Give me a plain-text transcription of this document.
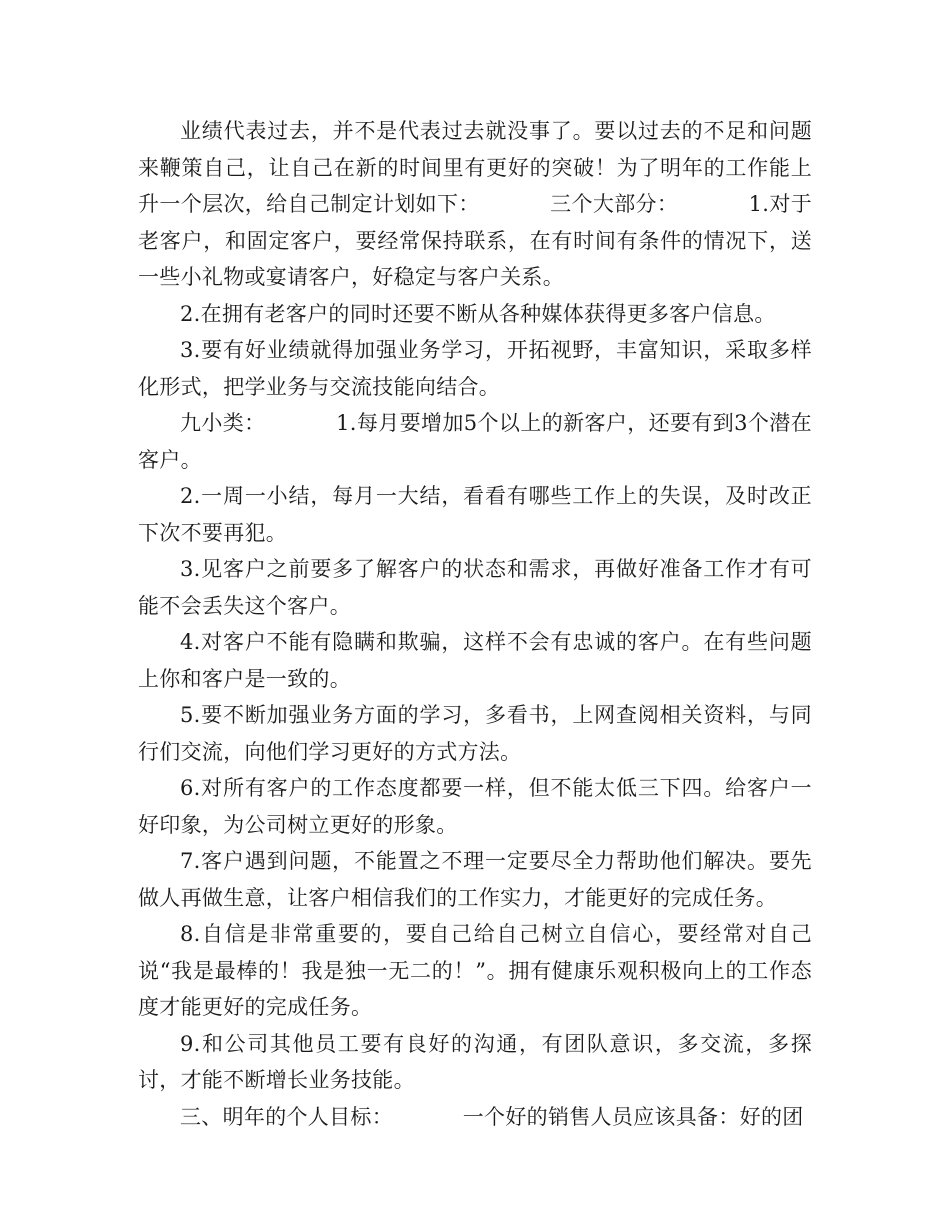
业绩代表过去，并不是代表过去就没事了。要以过去的不足和问题来鞭策自己，让自己在新的时间里有更好的突破！为了明年的工作能上升一个层次，给自己制定计划如下：          三个大部分：          1.对于老客户，和固定客户，要经常保持联系，在有时间有条件的情况下，送一些小礼物或宴请客户，好稳定与客户关系。

2.在拥有老客户的同时还要不断从各种媒体获得更多客户信息。

3.要有好业绩就得加强业务学习，开拓视野，丰富知识，采取多样化形式，把学业务与交流技能向结合。

九小类：          1.每月要增加5个以上的新客户，还要有到3个潜在客户。

2.一周一小结，每月一大结，看看有哪些工作上的失误，及时改正下次不要再犯。

3.见客户之前要多了解客户的状态和需求，再做好准备工作才有可能不会丢失这个客户。

4.对客户不能有隐瞒和欺骗，这样不会有忠诚的客户。在有些问题上你和客户是一致的。

5.要不断加强业务方面的学习，多看书，上网查阅相关资料，与同行们交流，向他们学习更好的方式方法。

6.对所有客户的工作态度都要一样，但不能太低三下四。给客户一好印象，为公司树立更好的形象。

7.客户遇到问题，不能置之不理一定要尽全力帮助他们解决。要先做人再做生意，让客户相信我们的工作实力，才能更好的完成任务。

8.自信是非常重要的，要自己给自己树立自信心，要经常对自己说“我是最棒的！我是独一无二的！”。拥有健康乐观积极向上的工作态度才能更好的完成任务。

9.和公司其他员工要有良好的沟通，有团队意识，多交流，多探讨，才能不断增长业务技能。

三、明年的个人目标：          一个好的销售人员应该具备：好的团
